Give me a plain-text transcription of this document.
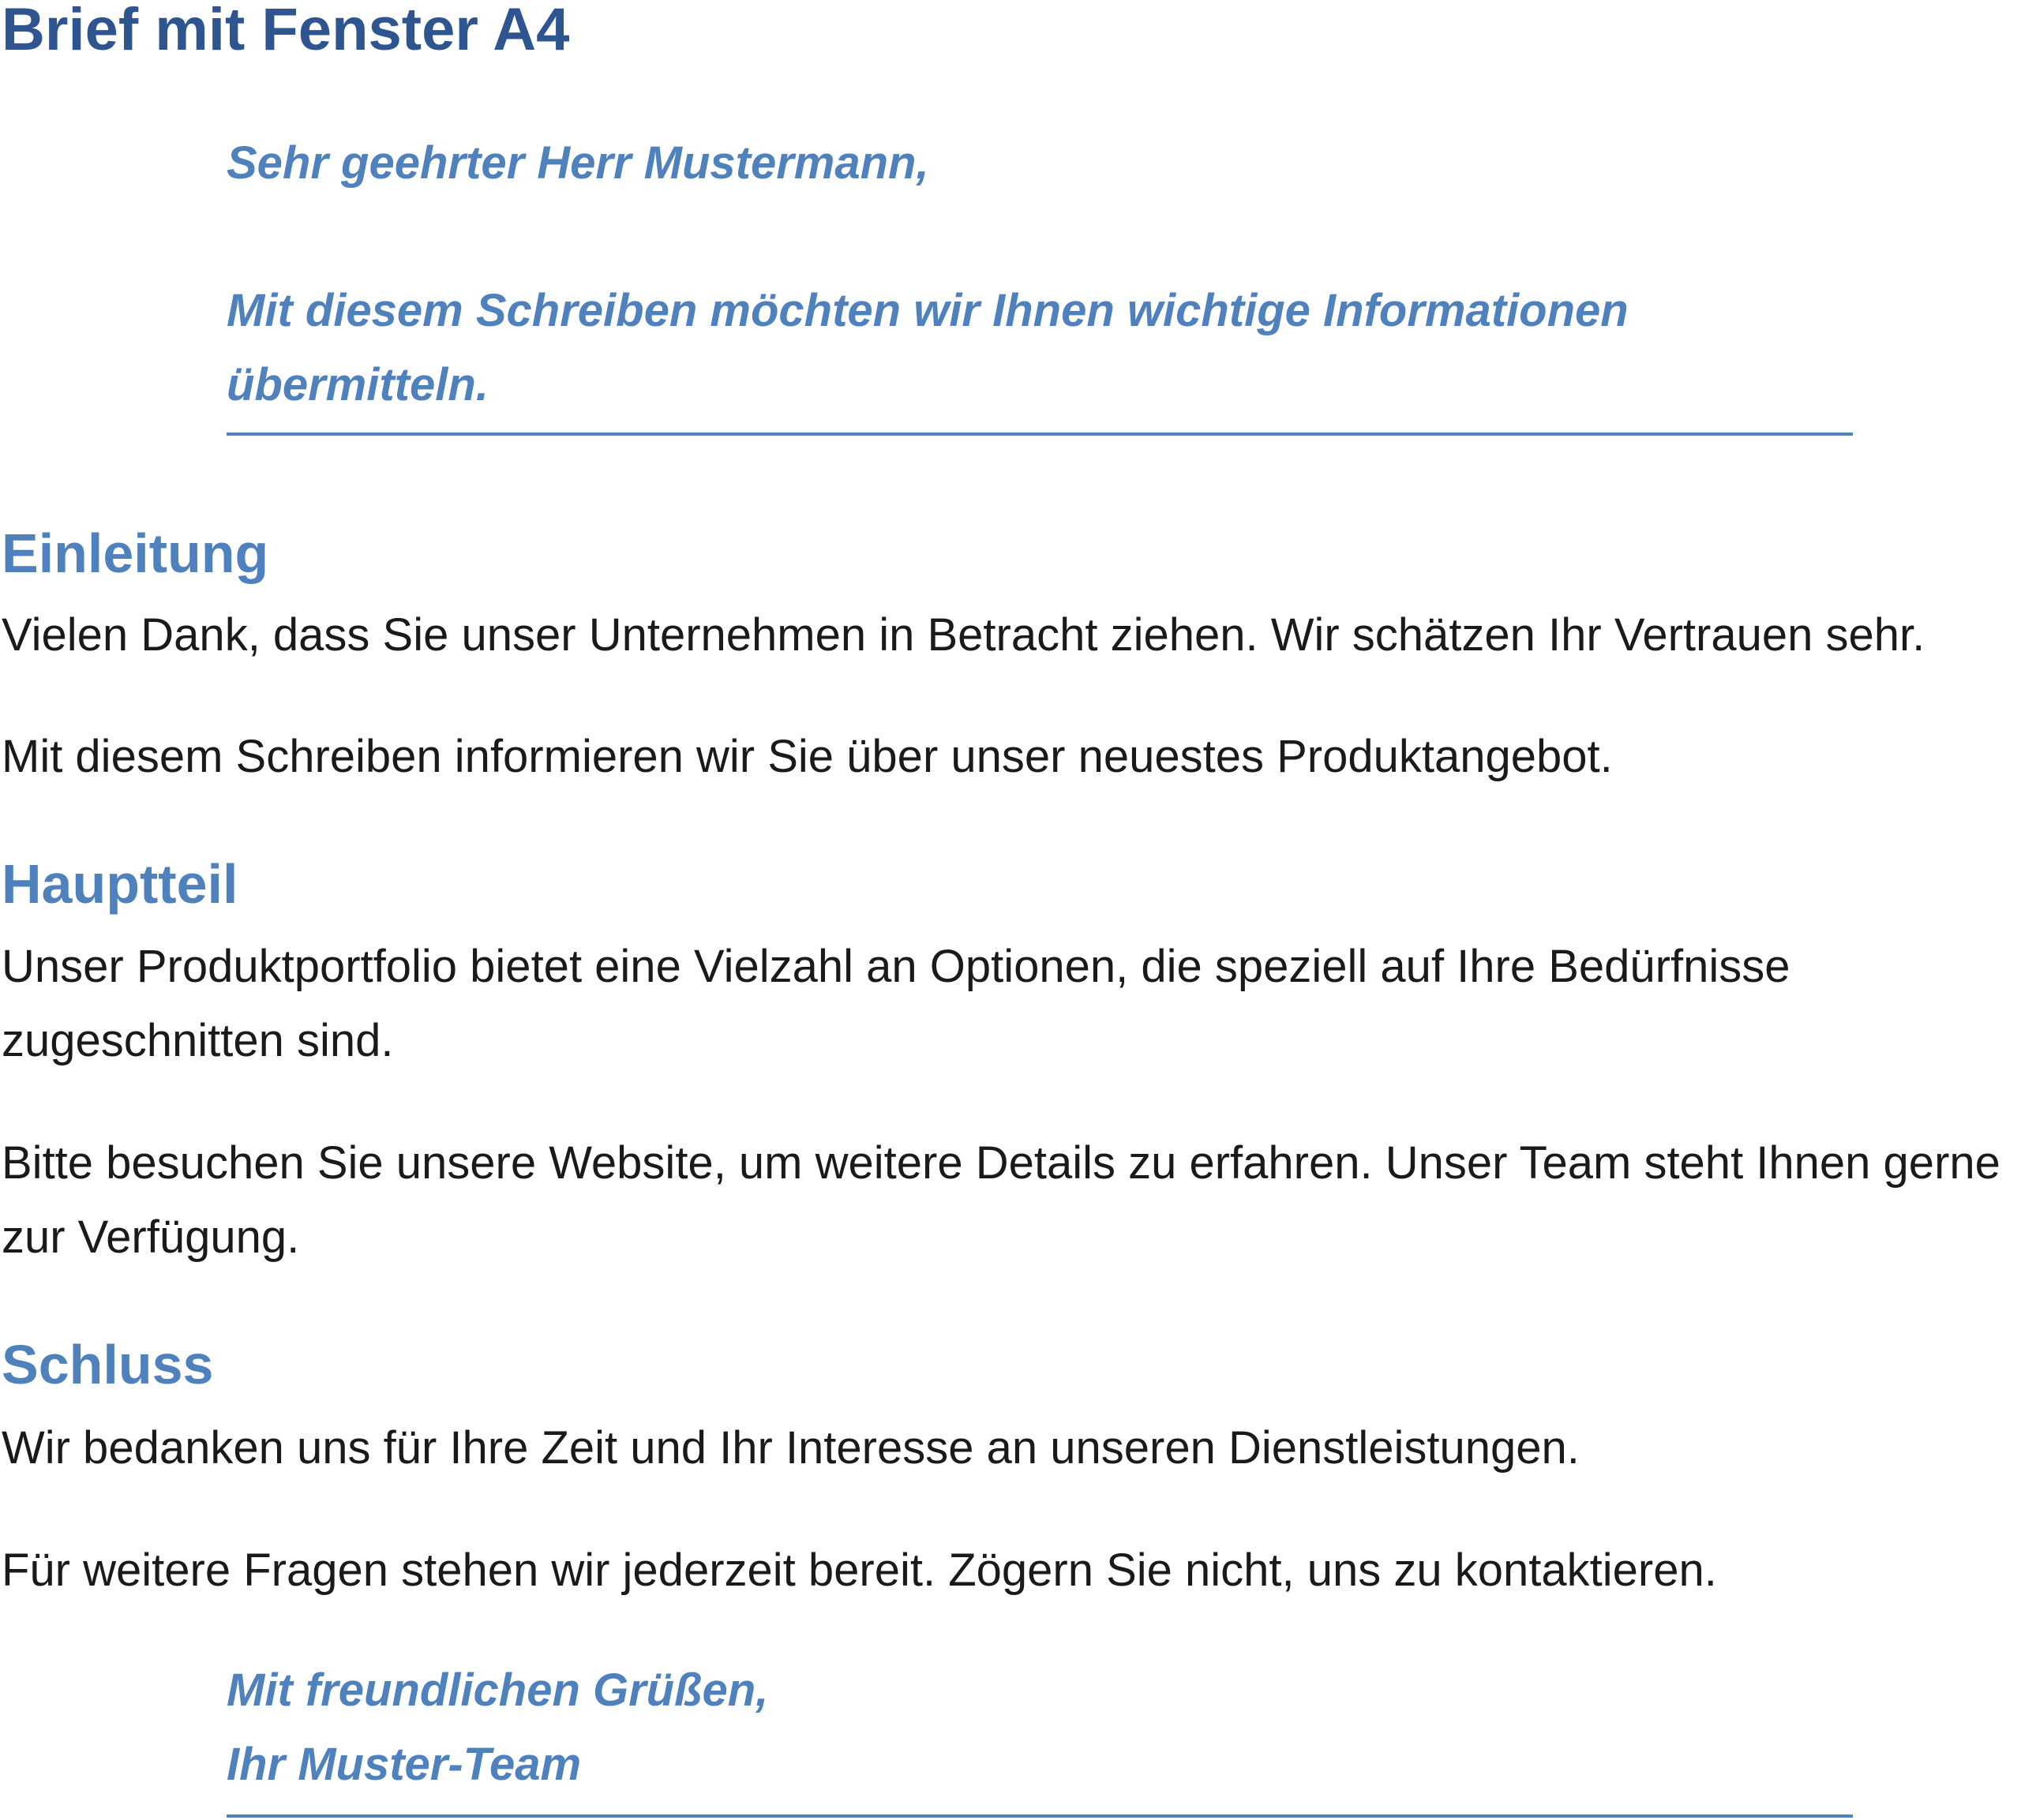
Brief mit Fenster A4

Sehr geehrter Herr Mustermann,

Mit diesem Schreiben möchten wir Ihnen wichtige Informationen übermitteln.

Einleitung

Vielen Dank, dass Sie unser Unternehmen in Betracht ziehen. Wir schätzen Ihr Vertrauen sehr.

Mit diesem Schreiben informieren wir Sie über unser neuestes Produktangebot.

Hauptteil

Unser Produktportfolio bietet eine Vielzahl an Optionen, die speziell auf Ihre Bedürfnisse zugeschnitten sind.

Bitte besuchen Sie unsere Website, um weitere Details zu erfahren. Unser Team steht Ihnen gerne zur Verfügung.

Schluss

Wir bedanken uns für Ihre Zeit und Ihr Interesse an unseren Dienstleistungen.

Für weitere Fragen stehen wir jederzeit bereit. Zögern Sie nicht, uns zu kontaktieren.

Mit freundlichen Grüßen,

Ihr Muster-Team
